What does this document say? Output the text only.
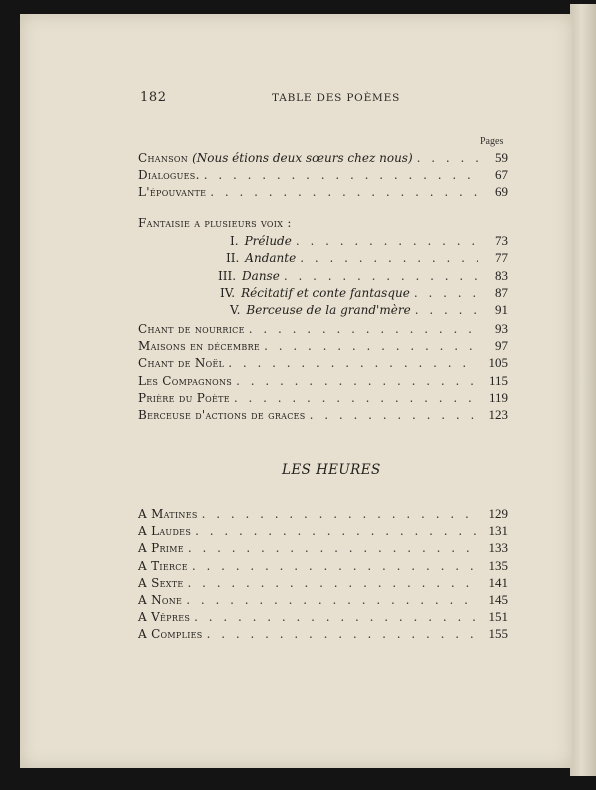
182	TABLE DES POÈMES
Pages
Chanson (Nous étions deux sœurs chez nous) . . .	59
Dialogues. . . .	67
L'épouvante . . .	69
Fantaisie a plusieurs voix :
I. Prélude . . .	73
II. Andante . . .	77
III. Danse . . .	83
IV. Récitatif et conte fantasque . . .	87
V. Berceuse de la grand'mère . . .	91
Chant de nourrice . . .	93
Maisons en décembre . . .	97
Chant de Noël . . .	105
Les Compagnons . . .	115
Prière du Poète . . .	119
Berceuse d'actions de graces . . .	123
LES HEURES
A Matines . . .	129
A Laudes . . .	131
A Prime . . .	133
A Tierce . . .	135
A Sexte . . .	141
A None . . .	145
A Vêpres . . .	151
A Complies . . .	155
